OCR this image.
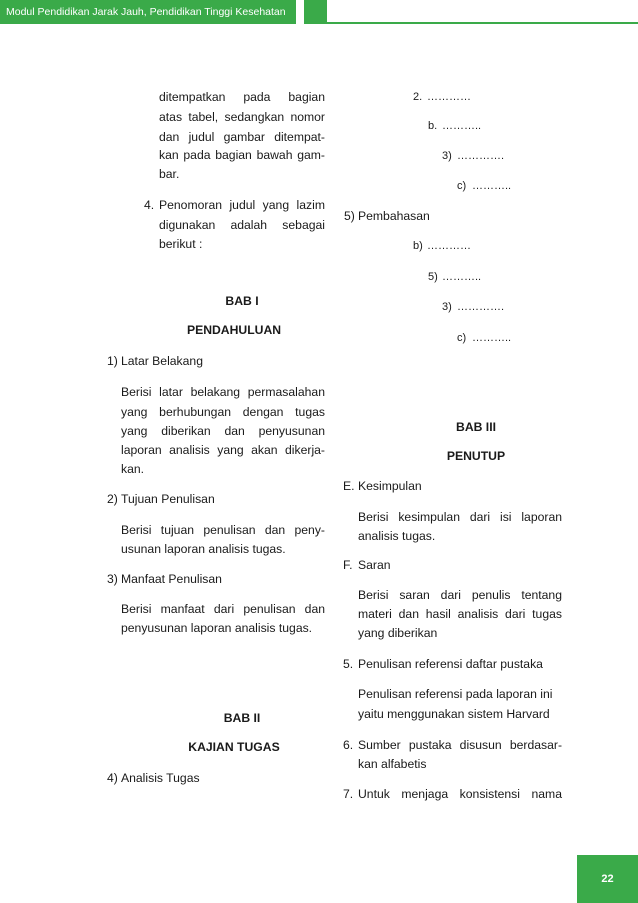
Modul Pendidikan Jarak Jauh, Pendidikan Tinggi Kesehatan
ditempatkan pada bagian
atas tabel, sedangkan nomor
dan judul gambar ditempat-
kan pada bagian bawah gam-
bar.
4. Penomoran judul yang lazim
digunakan adalah sebagai
berikut :
BAB I
PENDAHULUAN
1) Latar Belakang
Berisi latar belakang permasalahan
yang berhubungan dengan tugas
yang diberikan dan penyusunan
laporan analisis yang akan dikerja-
kan.
2) Tujuan Penulisan
Berisi tujuan penulisan dan peny-
usunan laporan analisis tugas.
3) Manfaat Penulisan
Berisi manfaat dari penulisan dan
penyusunan laporan analisis tugas.
BAB II
KAJIAN TUGAS
4) Analisis Tugas
2. …………
b. ………..
3) ………….
c) ………..
5) Pembahasan
b) …………
5) ………..
3) ………….
c) ………..
BAB III
PENUTUP
E. Kesimpulan
Berisi kesimpulan dari isi laporan
analisis tugas.
F. Saran
Berisi saran dari penulis tentang
materi dan hasil analisis dari tugas
yang diberikan
5. Penulisan referensi daftar pustaka
Penulisan referensi pada laporan ini
yaitu menggunakan sistem Harvard
6. Sumber pustaka disusun berdasar-
kan alfabetis
7. Untuk menjaga konsistensi nama
22
